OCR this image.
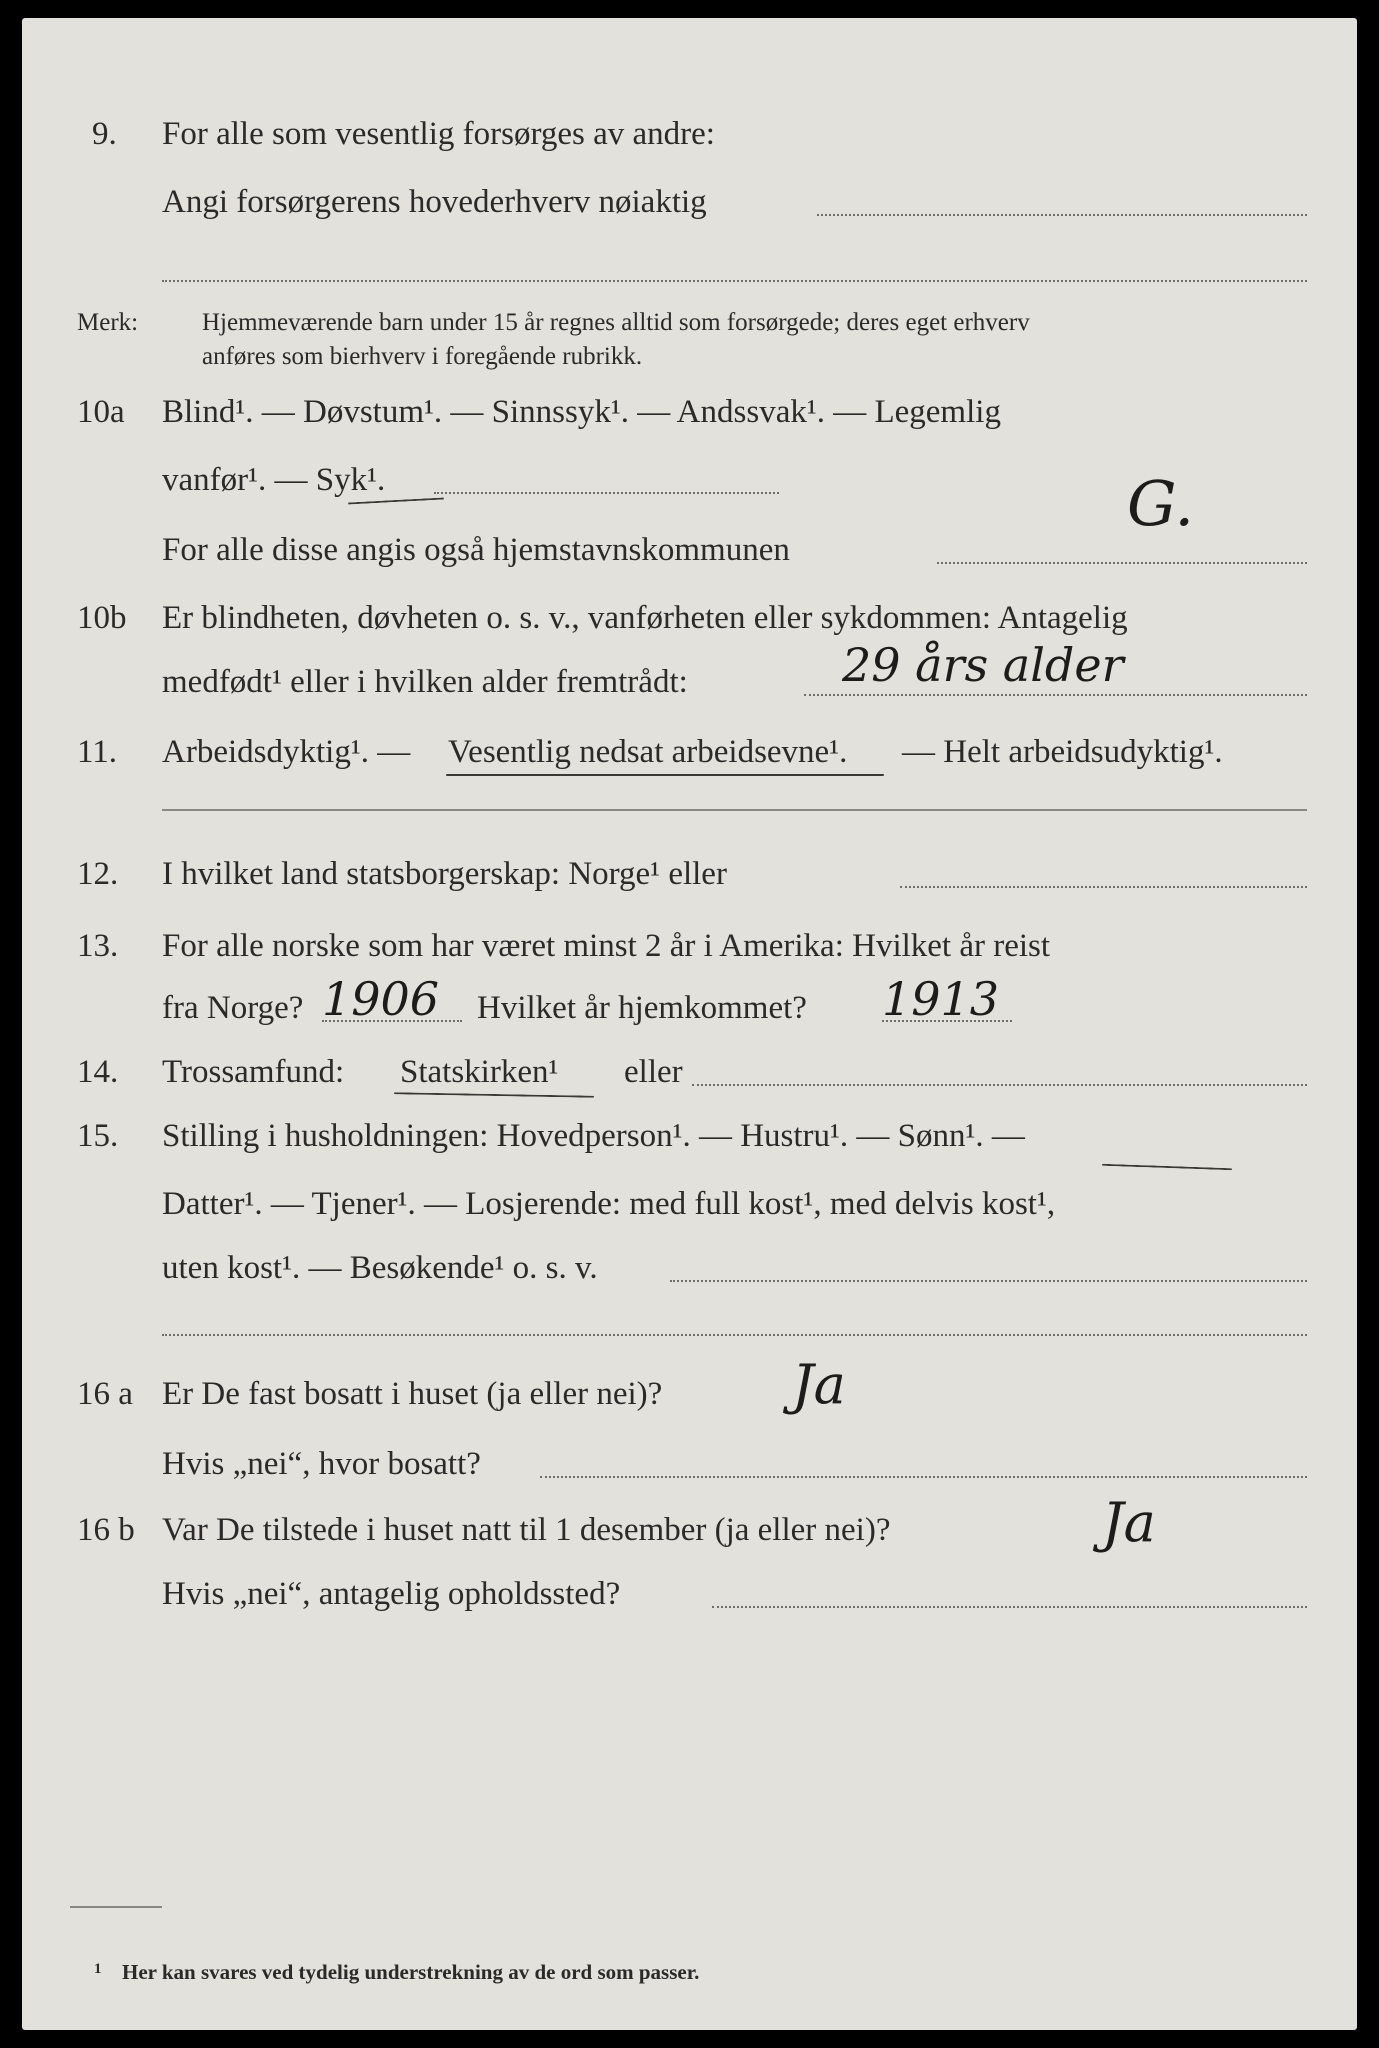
9. For alle som vesentlig forsørges av andre:
Angi forsørgerens hovederhverv nøiaktig
Merk:	Hjemmeværende barn under 15 år regnes alltid som forsørgede; deres eget erhverv
anføres som bierhverv i foregående rubrikk.
10a Blind¹. — Døvstum¹. — Sinnssyk¹. — Andssvak¹. — Legemlig
vanfør¹. — Syk¹.
For alle disse angis også hjemstavnskommunen
G.
10b Er blindheten, døvheten o. s. v., vanførheten eller sykdommen: Antagelig
medfødt¹ eller i hvilken alder fremtrådt:	29 års alder
11. Arbeidsdyktig¹. — Vesentlig nedsat arbeidsevne¹. — Helt arbeidsudyktig¹.
12. I hvilket land statsborgerskap: Norge¹ eller
13. For alle norske som har været minst 2 år i Amerika: Hvilket år reist
fra Norge? 1906 Hvilket år hjemkommet? 1913
14. Trossamfund: Statskirken¹ eller
15. Stilling i husholdningen: Hovedperson¹. — Hustru¹. — Sønn¹. —
Datter¹. — Tjener¹. — Losjerende: med full kost¹, med delvis kost¹,
uten kost¹. — Besøkende¹ o. s. v.
16 a Er De fast bosatt i huset (ja eller nei)? Ja
Hvis „nei“, hvor bosatt?
16 b Var De tilstede i huset natt til 1 desember (ja eller nei)?	Ja
Hvis „nei“, antagelig opholdssted?
1 Her kan svares ved tydelig understrekning av de ord som passer.
